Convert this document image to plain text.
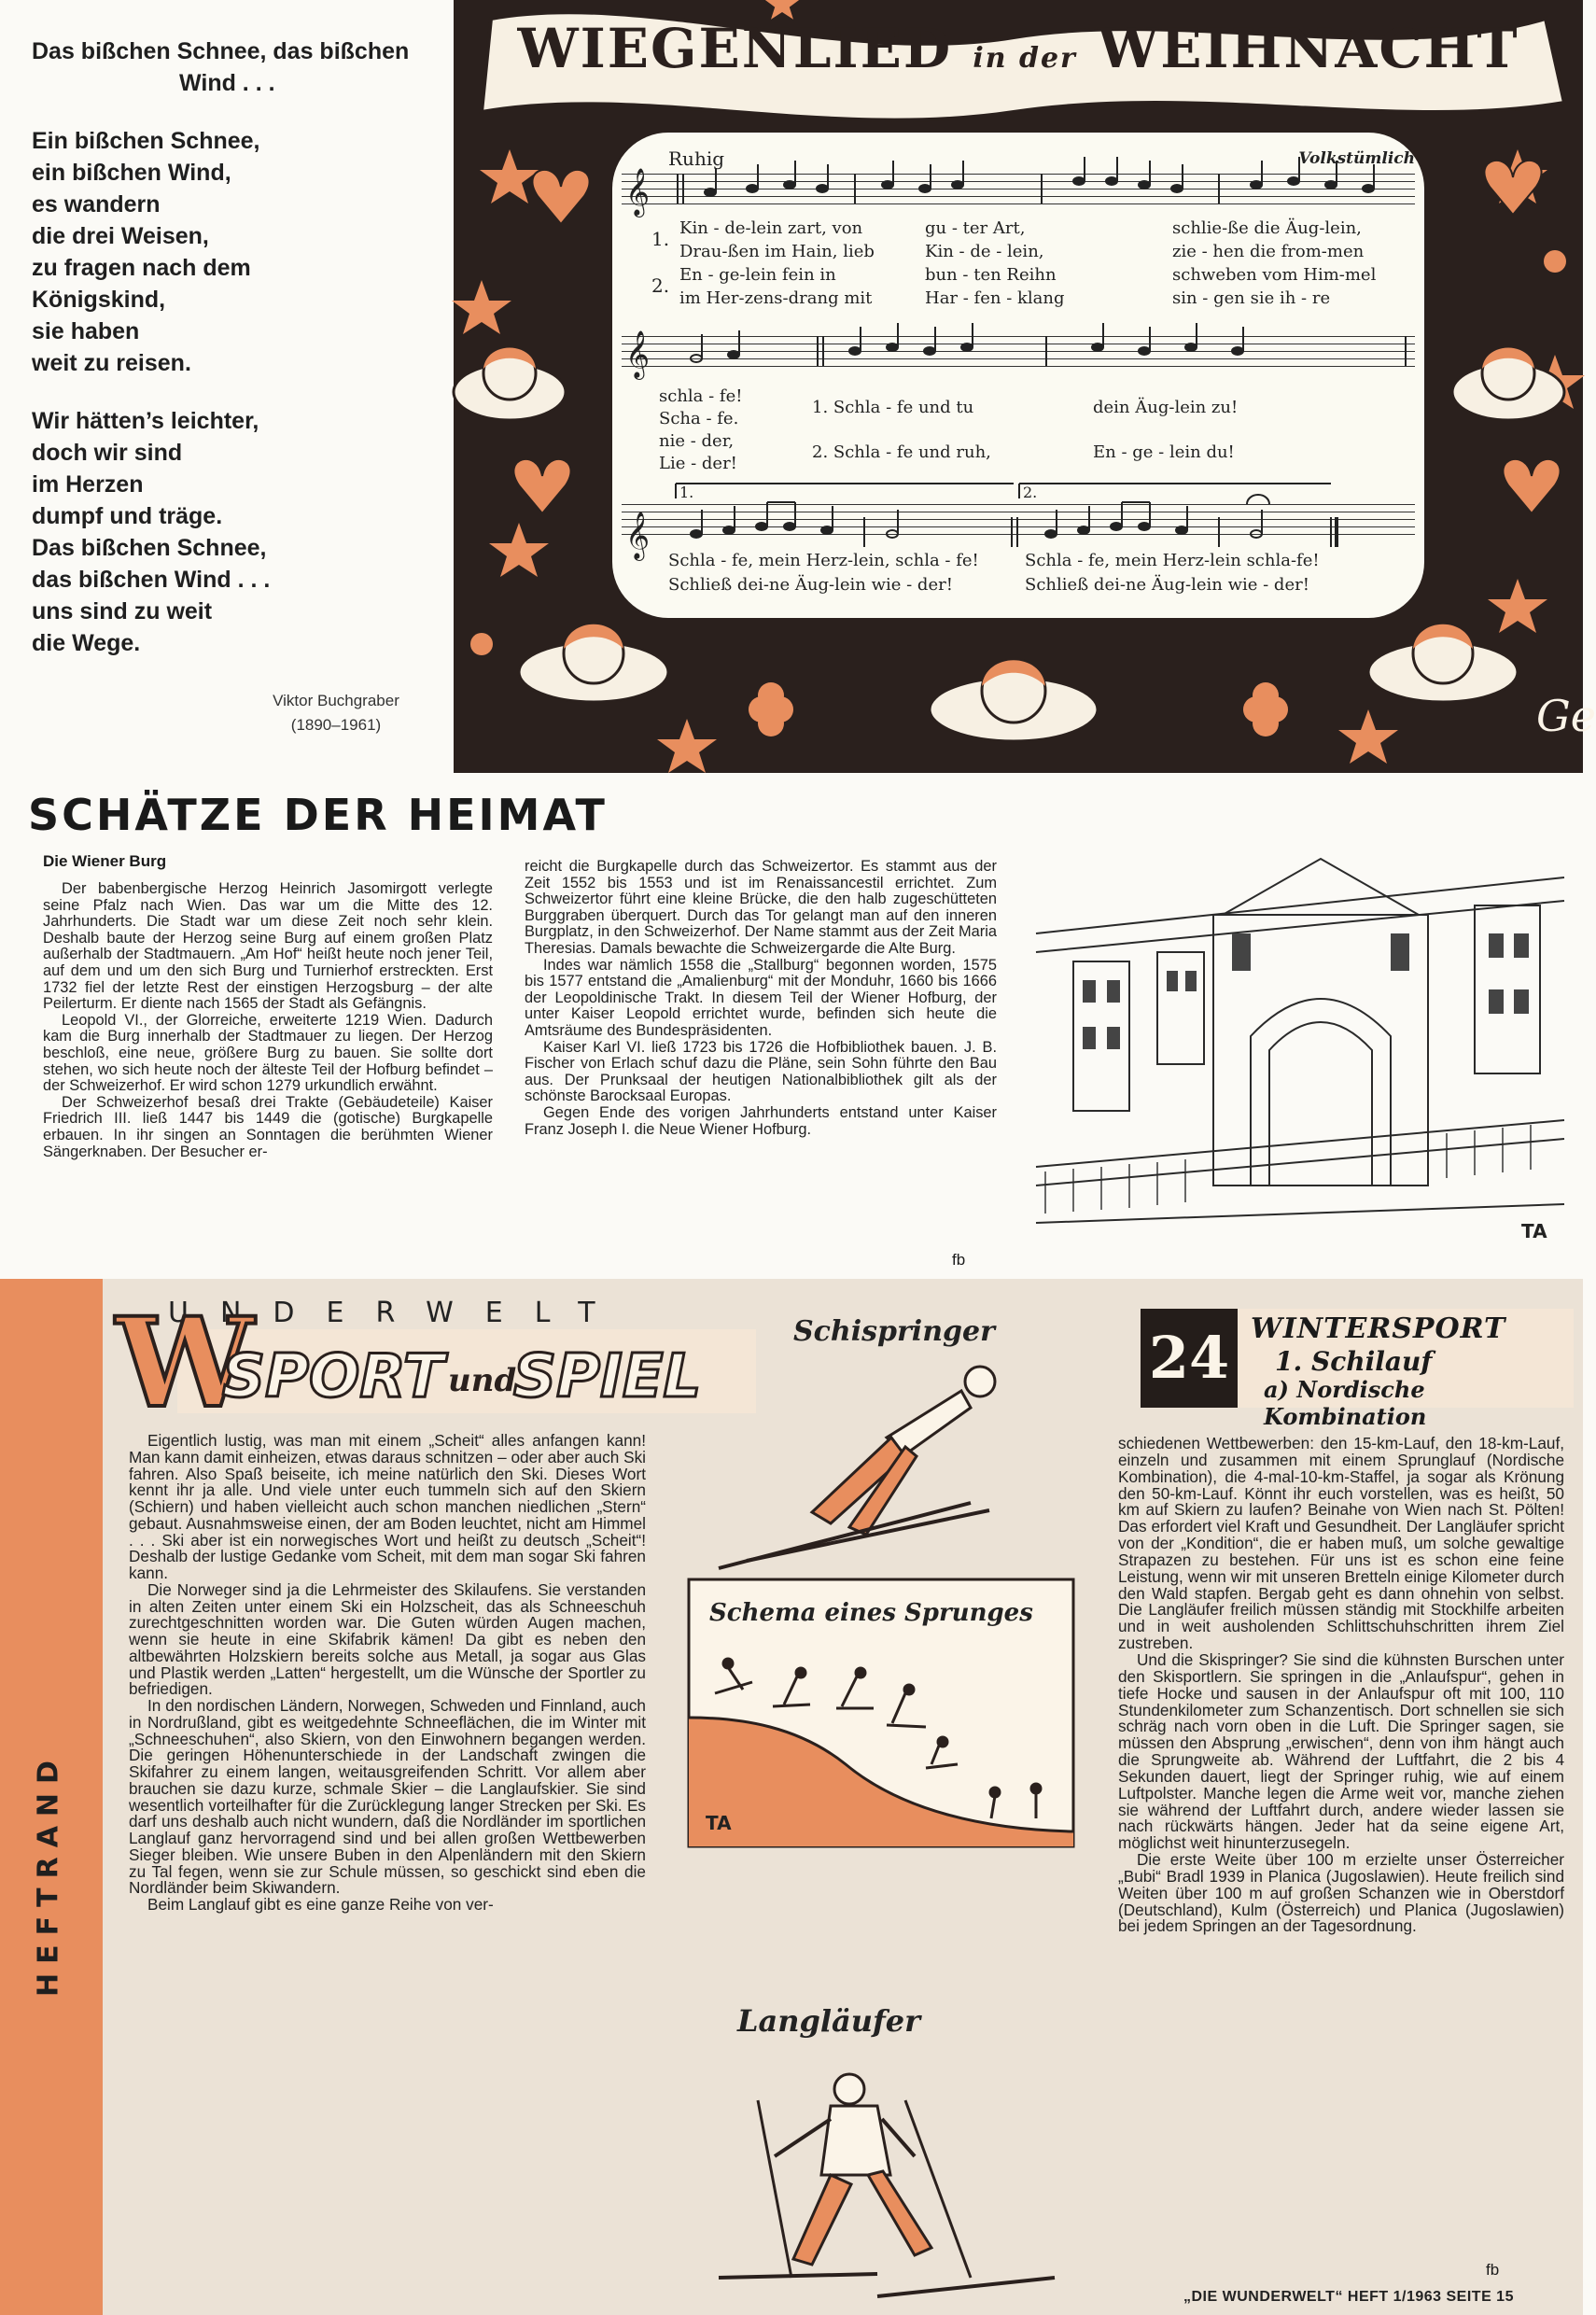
Das bißchen Schnee, das bißchen
Wind . . .
Ein bißchen Schnee,
ein bißchen Wind,
es wandern
die drei Weisen,
zu fragen nach dem
Königskind,
sie haben
weit zu reisen.
Wir hätten’s leichter,
doch wir sind
im Herzen
dumpf und träge.
Das bißchen Schnee,
das bißchen Wind . . .
uns sind zu weit
die Wege.
Viktor Buchgraber
(1890–1961)
WIEGENLIED in der WEIHNACHT
Ruhig	Volkstümlich
𝄞
1.
2.
Kin - de-lein zart, von	gu - ter Art,	schlie-ße die Äug-lein,
Drau-ßen im Hain, lieb	Kin - de - lein,	zie - hen die from-men
En - ge-lein fein in	bun - ten Reihn	schweben vom Him-mel
im Her-zens-drang mit	Har - fen - klang	sin - gen sie ih - re
𝄞
schla - fe!
Scha - fe.
nie - der,
Lie - der!
1. Schla - fe und tu	dein Äug-lein zu!
2. Schla - fe und ruh,	En - ge - lein du!
1.	2.
𝄞
Schla - fe, mein Herz-lein, schla - fe!	Schla - fe, mein Herz-lein schla-fe!
Schließ dei-ne Äug-lein wie - der!	Schließ dei-ne Äug-lein wie - der!
Ge
SCHÄTZE DER HEIMAT
Die Wiener Burg

Der babenbergische Herzog Heinrich Jasomirgott verlegte seine Pfalz nach Wien. Das war um die Mitte des 12. Jahrhunderts. Die Stadt war um diese Zeit noch sehr klein. Deshalb baute der Herzog seine Burg auf einem großen Platz außerhalb der Stadtmauern. „Am Hof“ heißt heute noch jener Teil, auf dem und um den sich Burg und Turnierhof erstreckten. Erst 1732 fiel der letzte Rest der einstigen Herzogsburg – der alte Peilerturm. Er diente nach 1565 der Stadt als Gefängnis.

Leopold VI., der Glorreiche, erweiterte 1219 Wien. Dadurch kam die Burg innerhalb der Stadtmauer zu liegen. Der Herzog beschloß, eine neue, größere Burg zu bauen. Sie sollte dort stehen, wo sich heute noch der älteste Teil der Hofburg befindet – der Schweizerhof. Er wird schon 1279 urkundlich erwähnt.

Der Schweizerhof besaß drei Trakte (Gebäudeteile) Kaiser Friedrich III. ließ 1447 bis 1449 die (gotische) Burgkapelle erbauen. In ihr singen an Sonntagen die berühmten Wiener Sängerknaben. Der Besucher er-

reicht die Burgkapelle durch das Schweizertor. Es stammt aus der Zeit 1552 bis 1553 und ist im Renaissancestil errichtet. Zum Schweizertor führt eine kleine Brücke, die den halb zugeschütteten Burggraben überquert. Durch das Tor gelangt man auf den inneren Burgplatz, in den Schweizerhof. Der Name stammt aus der Zeit Maria Theresias. Damals bewachte die Schweizergarde die Alte Burg.

Indes war nämlich 1558 die „Stallburg“ begonnen worden, 1575 bis 1577 entstand die „Amalienburg“ mit der Monduhr, 1660 bis 1666 der Leopoldinische Trakt. In diesem Teil der Wiener Hofburg, der unter Kaiser Leopold errichtet wurde, befinden sich heute die Amtsräume des Bundespräsidenten.

Kaiser Karl VI. ließ 1723 bis 1726 die Hofbibliothek bauen. J. B. Fischer von Erlach schuf dazu die Pläne, sein Sohn führte den Bau aus. Der Prunksaal der heutigen Nationalbibliothek gilt als der schönste Barocksaal Europas.

Gegen Ende des vorigen Jahrhunderts entstand unter Kaiser Franz Joseph I. die Neue Wiener Hofburg.

fb
TA
HEFTRAND
UNDERWELT
W
SPORT und
SPIEL	24 WINTERSPORT
1. Schilauf
a) Nordische Kombination

Eigentlich lustig, was man mit einem „Scheit“ alles anfangen kann! Man kann damit einheizen, etwas daraus schnitzen – oder aber auch Ski fahren. Also Spaß beiseite, ich meine natürlich den Ski. Dieses Wort kennt ihr ja alle. Und viele unter euch tummeln sich auf den Skiern (Schiern) und haben vielleicht auch schon manchen niedlichen „Stern“ gebaut. Ausnahmsweise einen, der am Boden leuchtet, nicht am Himmel . . . Ski aber ist ein norwegisches Wort und heißt zu deutsch „Scheit“! Deshalb der lustige Gedanke vom Scheit, mit dem man sogar Ski fahren kann.

Die Norweger sind ja die Lehrmeister des Skilaufens. Sie verstanden in alten Zeiten unter einem Ski ein Holzscheit, das als Schneeschuh zurechtgeschnitten worden war. Die Guten würden Augen machen, wenn sie heute in eine Skifabrik kämen! Da gibt es neben den altbewährten Holzskiern bereits solche aus Metall, ja sogar aus Glas und Plastik werden „Latten“ hergestellt, um die Wünsche der Sportler zu befriedigen.

In den nordischen Ländern, Norwegen, Schweden und Finnland, auch in Nordrußland, gibt es weitgedehnte Schneeflächen, die im Winter mit „Schneeschuhen“, also Skiern, von den Einwohnern begangen werden. Die geringen Höhenunterschiede in der Landschaft zwingen die Skifahrer zu einem langen, weitausgreifenden Schritt. Vor allem aber brauchen sie dazu kurze, schmale Skier – die Langlaufskier. Sie sind wesentlich vorteilhafter für die Zurücklegung langer Strecken per Ski. Es darf uns deshalb auch nicht wundern, daß die Nordländer im sportlichen Langlauf ganz hervorragend sind und bei allen großen Wettbewerben Sieger bleiben. Wie unsere Buben in den Alpenländern mit den Skiern zu Tal fegen, wenn sie zur Schule müssen, so geschickt sind eben die Nordländer beim Skiwandern.

Beim Langlauf gibt es eine ganze Reihe von ver-

schiedenen Wettbewerben: den 15-km-Lauf, den 18-km-Lauf, einzeln und zusammen mit einem Sprunglauf (Nordische Kombination), die 4-mal-10-km-Staffel, ja sogar als Krönung den 50-km-Lauf. Könnt ihr euch vorstellen, was es heißt, 50 km auf Skiern zu laufen? Beinahe von Wien nach St. Pölten! Das erfordert viel Kraft und Gesundheit. Der Langläufer spricht von der „Kondition“, die er haben muß, um solche gewaltige Strapazen zu bestehen. Für uns ist es schon eine feine Leistung, wenn wir mit unseren Bretteln einige Kilometer durch den Wald stapfen. Bergab geht es dann ohnehin von selbst. Die Langläufer freilich müssen ständig mit Stockhilfe arbeiten und in weit ausholenden Schlittschuhschritten ihrem Ziel zustreben.

Und die Skispringer? Sie sind die kühnsten Burschen unter den Skisportlern. Sie springen in die „Anlaufspur“, gehen in tiefe Hocke und sausen in der Anlaufspur oft mit 100, 110 Stundenkilometer zum Schanzentisch. Dort schnellen sie sich schräg nach vorn oben in die Luft. Die Springer sagen, sie müssen den Absprung „erwischen“, denn von ihm hängt auch die Sprungweite ab. Während der Luftfahrt, die 2 bis 4 Sekunden dauert, liegt der Springer ruhig, wie auf einem Luftpolster. Manche legen die Arme weit vor, manche ziehen sie während der Luftfahrt durch, andere wieder lassen sie nach rückwärts hängen. Jeder hat da seine eigene Art, möglichst weit hinunterzusegeln.

Die erste Weite über 100 m erzielte unser Österreicher „Bubi“ Bradl 1939 in Planica (Jugoslawien). Heute freilich sind Weiten über 100 m auf großen Schanzen wie in Oberstdorf (Deutschland), Kulm (Österreich) und Planica (Jugoslawien) bei jedem Springen an der Tagesordnung.

fb
Schispringer
Schema eines Sprunges
TA
Langläufer
„DIE WUNDERWELT“ HEFT 1/1963 SEITE 15
